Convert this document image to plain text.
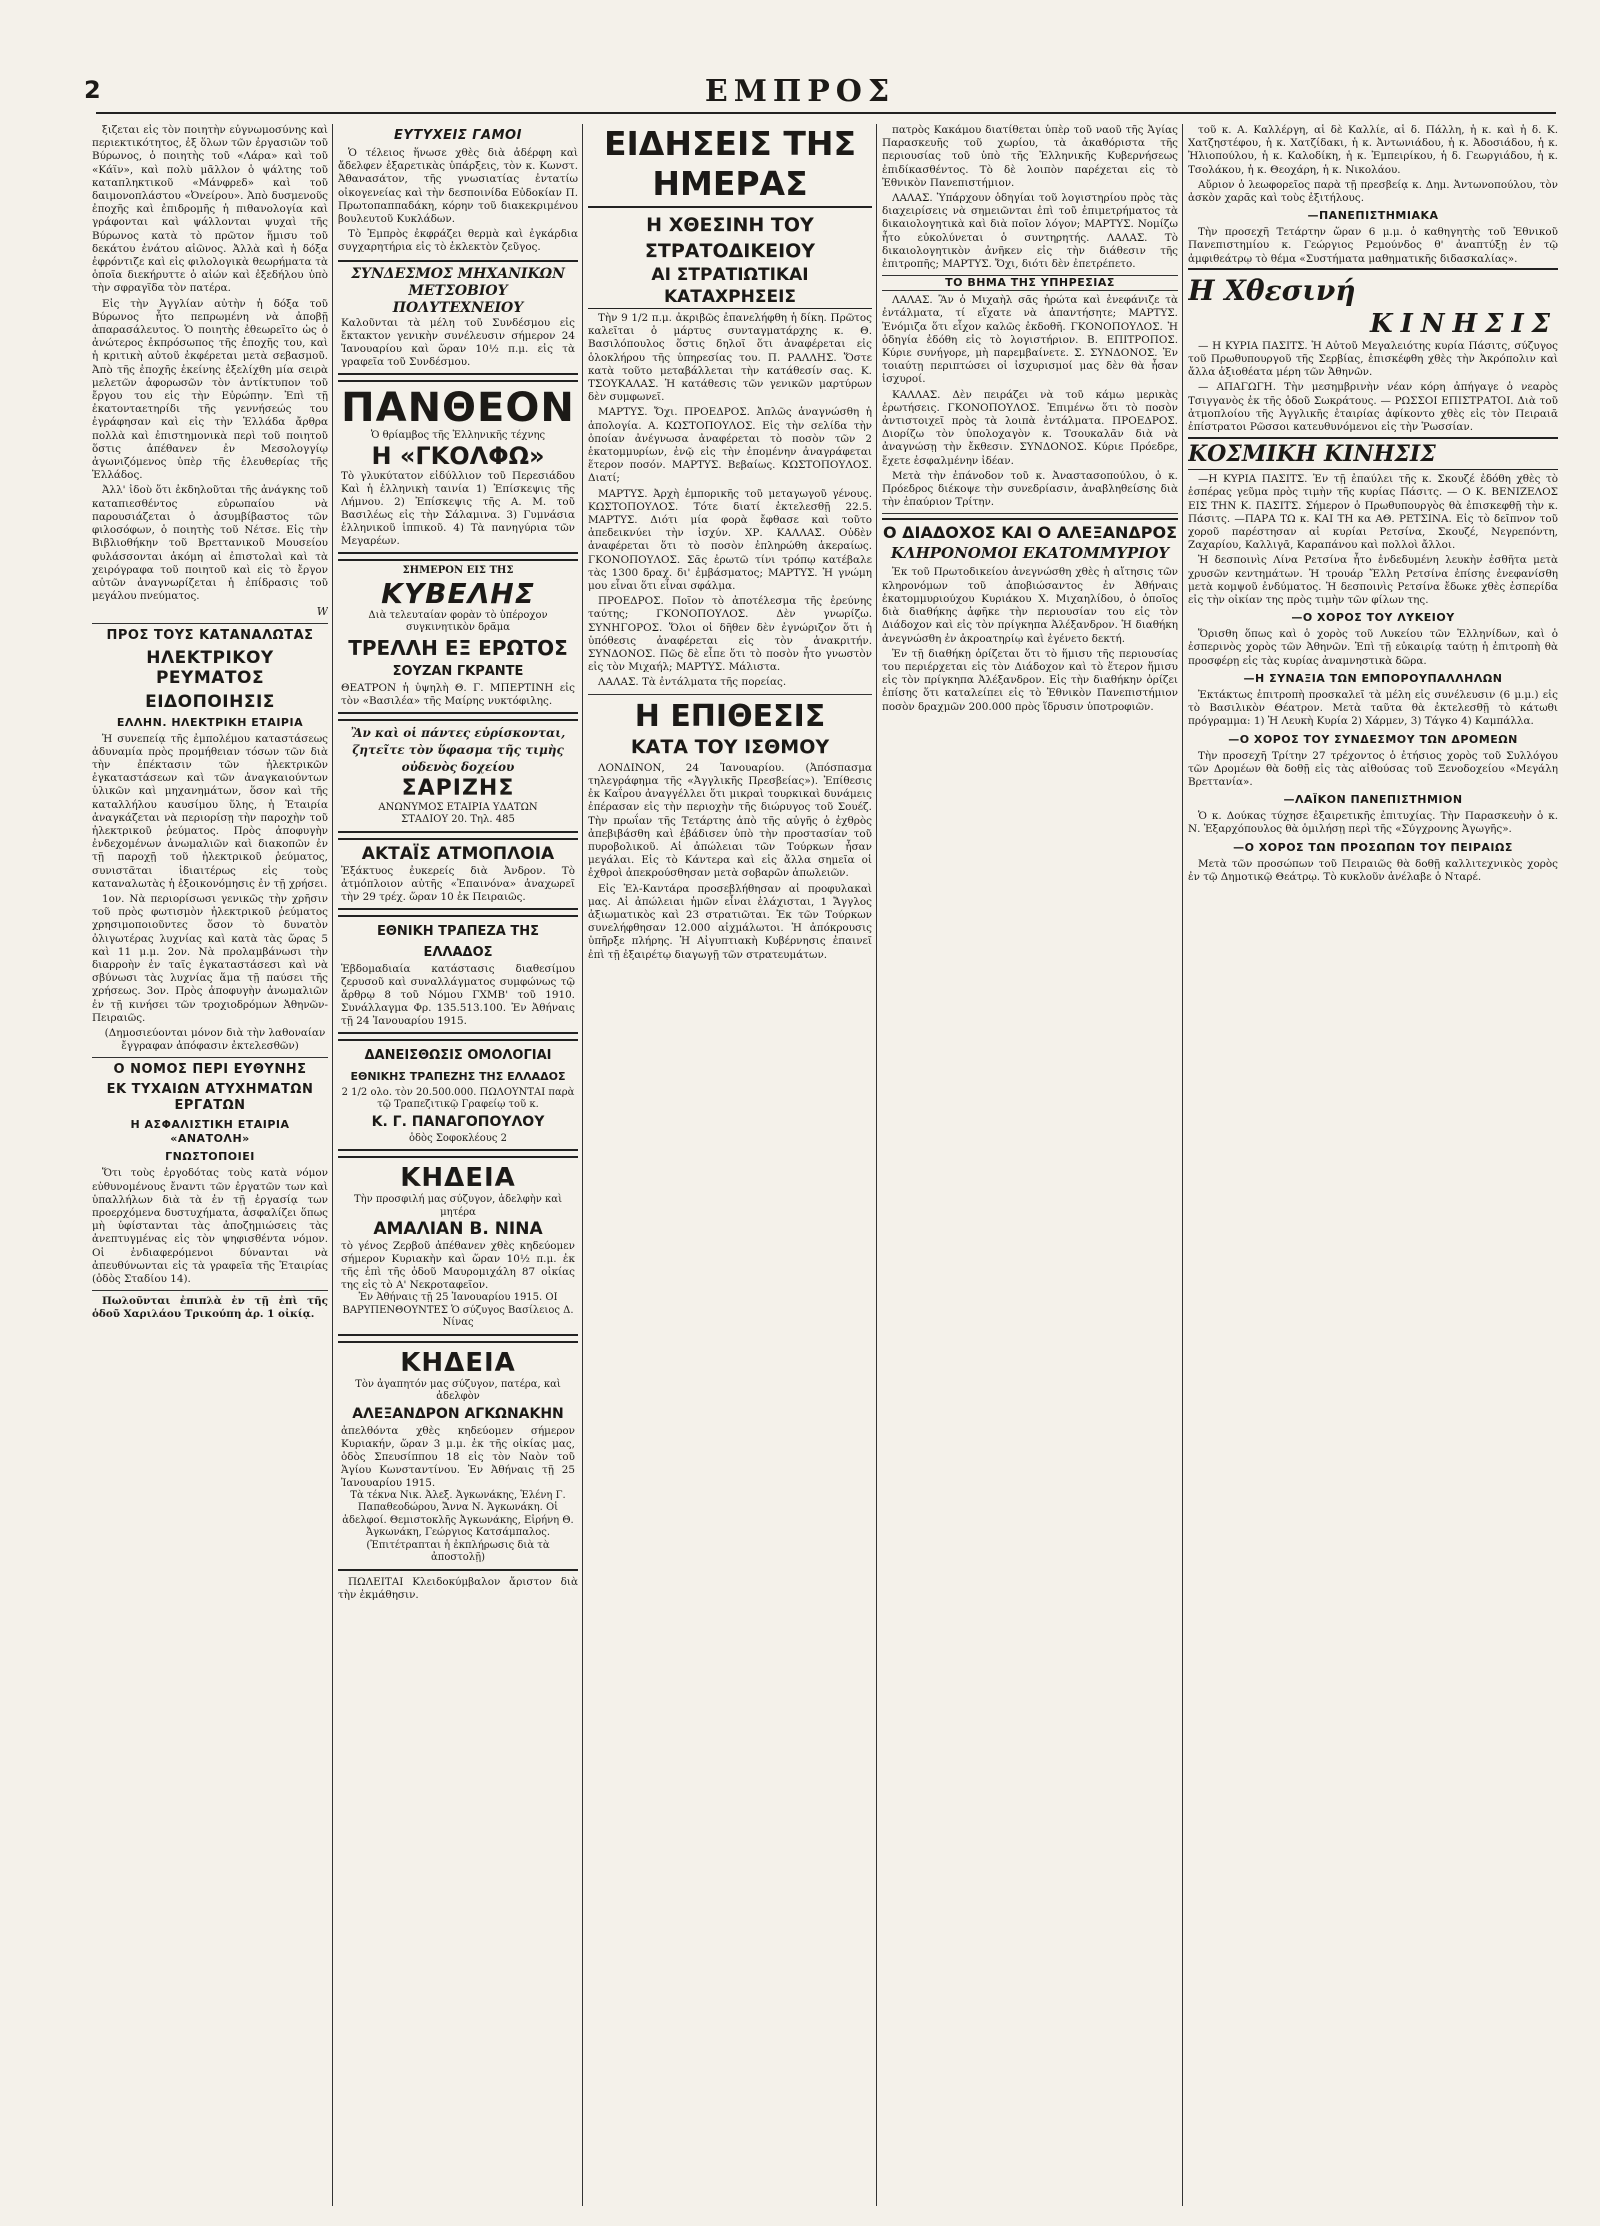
2	ΕΜΠΡΟΣ

ξιζεται εἰς τὸν ποιητὴν εὐγνωμοσύνης καὶ περιεκτικότητος, ἐξ ὅλων τῶν ἐργασιῶν τοῦ Βύρωνος, ὁ ποιητὴς τοῦ «Λάρα» καὶ τοῦ «Κάϊν», καὶ πολὺ μᾶλλον ὁ ψάλτης τοῦ καταπληκτικοῦ «Μάνφρεδ» καὶ τοῦ δαιμονοπλάστου «Ὀνείρου». Ἀπὸ δυσμενοῦς ἐποχῆς καὶ ἐπιδρομῆς ἡ πιθανολογία καὶ γράφονται καὶ ψάλλονται ψυχαὶ τῆς Βύρωνος κατὰ τὸ πρῶτον ἥμισυ τοῦ δεκάτου ἐνάτου αἰῶνος. Ἀλλὰ καὶ ἡ δόξα ἐφρόντιζε καὶ εἰς φιλολογικὰ θεωρήματα τὰ ὁποῖα διεκήρυττε ὁ αἰών καὶ ἐξεδήλου ὑπὸ τὴν σφραγῖδα τὸν πατέρα.

Εἰς τὴν Ἀγγλίαν αὐτὴν ἡ δόξα τοῦ Βύρωνος ἦτο πεπρωμένη νὰ ἀποβῇ ἀπαρασάλευτος. Ὁ ποιητὴς ἐθεωρεῖτο ὡς ὁ ἀνώτερος ἐκπρόσωπος τῆς ἐποχῆς του, καὶ ἡ κριτικὴ αὐτοῦ ἐκφέρεται μετὰ σεβασμοῦ. Ἀπὸ τῆς ἐποχῆς ἐκείνης ἐξελίχθη μία σειρὰ μελετῶν ἀφορωσῶν τὸν ἀντίκτυπον τοῦ ἔργου του εἰς τὴν Εὐρώπην. Ἐπὶ τῇ ἐκατονταετηρίδι τῆς γεννήσεώς του ἐγράφησαν καὶ εἰς τὴν Ἑλλάδα ἄρθρα πολλὰ καὶ ἐπιστημονικὰ περὶ τοῦ ποιητοῦ ὅστις ἀπέθανεν ἐν Μεσολογγίῳ ἀγωνιζόμενος ὑπὲρ τῆς ἐλευθερίας τῆς Ἑλλάδος.

Ἀλλ' ἰδοὺ ὅτι ἐκδηλοῦται τῆς ἀνάγκης τοῦ καταπιεσθέντος εὐρωπαίου νὰ παρουσιάζεται ὁ ἀσυμβίβαστος τῶν φιλοσόφων, ὁ ποιητὴς τοῦ Νέτσε. Εἰς τὴν Βιβλιοθήκην τοῦ Βρεττανικοῦ Μουσείου φυλάσσονται ἀκόμη αἱ ἐπιστολαὶ καὶ τὰ χειρόγραφα τοῦ ποιητοῦ καὶ εἰς τὸ ἔργον αὐτῶν ἀναγνωρίζεται ἡ ἐπίδρασις τοῦ μεγάλου πνεύματος.

W
ΠΡΟΣ ΤΟΥΣ ΚΑΤΑΝΑΛΩΤΑΣ
ΗΛΕΚΤΡΙΚΟΥ ΡΕΥΜΑΤΟΣ
ΕΙΔΟΠΟΙΗΣΙΣ
ΕΛΛΗΝ. ΗΛΕΚΤΡΙΚΗ ΕΤΑΙΡΙΑ

Ἡ συνεπείᾳ τῆς ἐμπολέμου καταστάσεως ἀδυναμία πρὸς προμήθειαν τόσων τῶν διὰ τὴν ἐπέκτασιν τῶν ἠλεκτρικῶν ἐγκαταστάσεων καὶ τῶν ἀναγκαιούντων ὑλικῶν καὶ μηχανημάτων, ὅσον καὶ τῆς καταλλήλου καυσίμου ὕλης, ἡ Ἑταιρία ἀναγκάζεται νὰ περιορίσῃ τὴν παροχὴν τοῦ ἠλεκτρικοῦ ῥεύματος. Πρὸς ἀποφυγὴν ἐνδεχομένων ἀνωμαλιῶν καὶ διακοπῶν ἐν τῇ παροχῇ τοῦ ἠλεκτρικοῦ ῥεύματος, συνιστᾶται ἰδιαιτέρως εἰς τοὺς καταναλωτὰς ἡ ἐξοικονόμησις ἐν τῇ χρήσει.

1ον. Νὰ περιορίσωσι γενικῶς τὴν χρῆσιν τοῦ πρὸς φωτισμὸν ἠλεκτρικοῦ ῥεύματος χρησιμοποιοῦντες ὅσον τὸ δυνατὸν ὀλιγωτέρας λυχνίας καὶ κατὰ τὰς ὥρας 5 καὶ 11 μ.μ. 2ον. Νὰ προλαμβάνωσι τὴν διαρροὴν ἐν ταῖς ἐγκαταστάσεσι καὶ νὰ σβύνωσι τὰς λυχνίας ἅμα τῇ παύσει τῆς χρήσεως. 3ον. Πρὸς ἀποφυγὴν ἀνωμαλιῶν ἐν τῇ κινήσει τῶν τροχιοδρόμων Ἀθηνῶν-Πειραιῶς.

(Δημοσιεύονται μόνον διὰ τὴν λαθοναίαν ἔγγραφαν ἀπόφασιν ἐκτελεσθῶν)

Ο ΝΟΜΟΣ ΠΕΡΙ ΕΥΘΥΝΗΣ
ΕΚ ΤΥΧΑΙΩΝ ΑΤΥΧΗΜΑΤΩΝ ΕΡΓΑΤΩΝ
Η ΑΣΦΑΛΙΣΤΙΚΗ ΕΤΑΙΡΙΑ «ΑΝΑΤΟΛΗ»
ΓΝΩΣΤΟΠΟΙΕΙ

Ὅτι τοὺς ἐργοδότας τοὺς κατὰ νόμον εὐθυνομένους ἔναντι τῶν ἐργατῶν των καὶ ὑπαλλήλων διὰ τὰ ἐν τῇ ἐργασίᾳ των προερχόμενα δυστυχήματα, ἀσφαλίζει ὅπως μὴ ὑφίστανται τὰς ἀποζημιώσεις τὰς ἀνεπτυγμένας εἰς τὸν ψηφισθέντα νόμον. Οἱ ἐνδιαφερόμενοι δύνανται νὰ ἀπευθύνωνται εἰς τὰ γραφεῖα τῆς Ἑταιρίας (ὁδὸς Σταδίου 14).

Πωλοῦνται ἐπιπλὰ ἐν τῇ ἐπὶ τῆς ὁδοῦ Χαριλάου Τρικούπη ἀρ. 1 οἰκίᾳ.

ΕΥΤΥΧΕΙΣ ΓΑΜΟΙ

Ὁ τέλειος ἥνωσε χθὲς διὰ ἀδέρφη καὶ ἄδελφεν ἐξαρετικὰς ὑπάρξεις, τὸν κ. Κωνστ. Ἀθανασάτον, τῆς γνωσιατίας ἐντατίω οἰκογενείας καὶ τὴν δεσποινίδα Εὐδοκίαν Π. Πρωτοπαππαδάκη, κόρην τοῦ διακεκριμένου βουλευτοῦ Κυκλάδων.

Τὸ Ἐμπρὸς ἐκφράζει θερμὰ καὶ ἐγκάρδια συγχαρητήρια εἰς τὸ ἐκλεκτὸν ζεῦγος.

ΣΥΝΔΕΣΜΟΣ ΜΗΧΑΝΙΚΩΝ
ΜΕΤΣΟΒΙΟΥ ΠΟΛΥΤΕΧΝΕΙΟΥ
Καλοῦνται τὰ μέλη τοῦ Συνδέσμου εἰς ἔκτακτον γενικὴν συνέλευσιν σήμερον 24 Ἰανουαρίου καὶ ὥραν 10½ π.μ. εἰς τὰ γραφεῖα τοῦ Συνδέσμου.
ΠΑΝΘΕΟΝ
Ὁ θρίαμβος τῆς Ἑλληνικῆς τέχνης
Η «ΓΚΟΛΦΩ»
Τὸ γλυκύτατον εἰδύλλιον τοῦ Περεσιάδου Καὶ ἡ ἐλληνικὴ ταινία 1) Ἐπίσκεψις τῆς Λήμνου. 2) Ἐπίσκεψις τῆς Α. Μ. τοῦ Βασιλέως εἰς τὴν Σάλαμινα. 3) Γυμνάσια ἑλληνικοῦ ἱππικοῦ. 4) Τὰ πανηγύρια τῶν Μεγαρέων.
ΣΗΜΕΡΟΝ ΕΙΣ ΤΗΣ
ΚΥΒΕΛΗΣ
Διὰ τελευταίαν φορὰν τὸ ὑπέροχον συγκινητικὸν δρᾶμα
ΤΡΕΛΛΗ ΕΞ ΕΡΩΤΟΣ
ΣΟΥΖΑΝ ΓΚΡΑΝΤΕ
ΘΕΑΤΡΟΝ ἡ ὑψηλὴ Θ. Γ. ΜΠΕΡΤΙΝΗ εἰς τὸν «Βασιλέα» τῆς Μαίρης νυκτόφιλης.
Ἂν καὶ οἱ πάντες εὑρίσκονται, ζητεῖτε τὸν ὕφασμα τῆς τιμὴς οὐδενὸς δοχείου
ΣΑΡΙΖΗΣ
ΑΝΩΝΥΜΟΣ ΕΤΑΙΡΙΑ ΥΔΑΤΩΝ
ΣΤΑΔΙΟΥ 20. Τηλ. 485
ΑΚΤΑΪΣ ΑΤΜΟΠΛΟΙΑ
Ἐξάκτυος ἐυκερείς διὰ Ἀνδρον. Τὸ ἀτμόπλοιον αὐτῆς «Ἐπαινόνα» ἀναχωρεῖ τὴν 29 τρέχ. ὥραν 10 ἐκ Πειραιῶς.
ΕΘΝΙΚΗ ΤΡΑΠΕΖΑ ΤΗΣ ΕΛΛΑΔΟΣ
Ἑβδομαδιαία κατάστασις διαθεσίμου ζερυσοῦ καὶ συναλλάγματος συμφώνως τῷ ἄρθρῳ 8 τοῦ Νόμου ΓΧΜΒ' τοῦ 1910. Συνάλλαγμα Φρ. 135.513.100. Ἐν Ἀθήναις τῇ 24 Ἰανουαρίου 1915.
ΔΑΝΕΙΣΘΩΣΙΣ ΟΜΟΛΟΓΙΑΙ
ΕΘΝΙΚΗΣ ΤΡΑΠΕΖΗΣ ΤΗΣ ΕΛΛΑΔΟΣ
2 1/2 ολο. τὸν 20.500.000. ΠΩΛΟΥΝΤΑΙ παρὰ τῷ Τραπεζιτικῷ Γραφείῳ τοῦ κ.
Κ. Γ. ΠΑΝΑΓΟΠΟΥΛΟΥ
ὁδὸς Σοφοκλέους 2
ΚΗΔΕΙΑ
Τὴν προσφιλή μας σύζυγον, ἀδελφὴν καὶ μητέρα
ΑΜΑΛΙΑΝ Β. ΝΙΝΑ
τὸ γένος Ζερβοῦ ἀπέθανεν χθὲς κηδεύομεν σήμερον Κυριακὴν καὶ ὥραν 10½ π.μ. ἐκ τῆς ἐπὶ τῆς ὁδοῦ Μαυρομιχάλη 87 οἰκίας της εἰς τὸ Α' Νεκροταφεῖον.
Ἐν Ἀθήναις τῇ 25 Ἰανουαρίου 1915. ΟΙ ΒΑΡΥΠΕΝΘΟΥΝΤΕΣ Ὁ σύζυγος Βασίλειος Δ. Νίνας
ΚΗΔΕΙΑ
Τὸν ἀγαπητόν μας σύζυγον, πατέρα, καὶ ἀδελφὸν
ΑΛΕΞΑΝΔΡΟΝ ΑΓΚΩΝΑΚΗΝ
ἀπελθόντα χθὲς κηδεύομεν σήμερον Κυριακήν, ὥραν 3 μ.μ. ἐκ τῆς οἰκίας μας, ὁδὸς Σπευσίππου 18 εἰς τὸν Ναὸν τοῦ Ἁγίου Κωνσταντίνου. Ἐν Ἀθήναις τῇ 25 Ἰανουαρίου 1915.
Τὰ τέκνα Νικ. Ἀλεξ. Ἀγκωνάκης, Ἑλένη Γ. Παπαθεοδώρου, Ἄννα Ν. Ἀγκωνάκη. Οἱ ἀδελφοί. Θεμιστοκλῆς Ἀγκωνάκης, Εἰρήνη Θ. Ἀγκωνάκη, Γεώργιος Κατσάμπαλος.
(Ἐπιτέτραπται ἡ ἐκπλήρωσις διὰ τὰ ἀποστολῇ)

ΠΩΛΕΙΤΑΙ Κλειδοκύμβαλον ἄριστον διὰ τὴν ἐκμάθησιν.

ΕΙΔΗΣΕΙΣ ΤΗΣ ΗΜΕΡΑΣ
Η ΧΘΕΣΙΝΗ ΤΟΥ ΣΤΡΑΤΟΔΙΚΕΙΟΥ
ΑΙ ΣΤΡΑΤΙΩΤΙΚΑΙ ΚΑΤΑΧΡΗΣΕΙΣ

Τὴν 9 1/2 π.μ. ἀκριβῶς ἐπανελήφθη ἡ δίκη. Πρῶτος καλεῖται ὁ μάρτυς συνταγματάρχης κ. Θ. Βασιλόπουλος ὅστις δηλοῖ ὅτι ἀναφέρεται εἰς ὁλοκλήρου τῆς ὑπηρεσίας του. Π. ΡΑΛΛΗΣ. Ὅστε κατὰ τοῦτο μεταβάλλεται τὴν κατάθεσίν σας. Κ. ΤΣΟΥΚΑΛΑΣ. Ἡ κατάθεσις τῶν γενικῶν μαρτύρων δὲν συμφωνεῖ.

ΜΑΡΤΥΣ. Ὄχι. ΠΡΟΕΔΡΟΣ. Ἀπλῶς ἀναγνώσθη ἡ ἀπολογία. Α. ΚΩΣΤΟΠΟΥΛΟΣ. Εἰς τὴν σελίδα τὴν ὁποίαν ἀνέγνωσα ἀναφέρεται τὸ ποσὸν τῶν 2 ἑκατομμυρίων, ἐνῷ εἰς τὴν ἐπομένην ἀναγράφεται ἕτερον ποσόν. ΜΑΡΤΥΣ. Βεβαίως. ΚΩΣΤΟΠΟΥΛΟΣ. Διατί;

ΜΑΡΤΥΣ. Ἀρχὴ ἐμπορικῆς τοῦ μεταγωγοῦ γένους. ΚΩΣΤΟΠΟΥΛΟΣ. Τότε διατί ἐκτελεσθῇ 22.5. ΜΑΡΤΥΣ. Διότι μία φορὰ ἔφθασε καὶ τοῦτο ἀπεδεικνύει τὴν ἰσχύν. ΧΡ. ΚΑΛΛΑΣ. Οὐδὲν ἀναφέρεται ὅτι τὸ ποσὸν ἐπληρώθη ἀκεραίως. ΓΚΟΝΟΠΟΥΛΟΣ. Σᾶς ἐρωτῶ τίνι τρόπῳ κατέβαλε τὰς 1300 δραχ. δι' ἐμβάσματος; ΜΑΡΤΥΣ. Ἡ γνώμη μου εἶναι ὅτι εἶναι σφάλμα.

ΠΡΟΕΔΡΟΣ. Ποῖον τὸ ἀποτέλεσμα τῆς ἐρεύνης ταύτης; ΓΚΟΝΟΠΟΥΛΟΣ. Δὲν γνωρίζω. ΣΥΝΗΓΟΡΟΣ. Ὅλοι οἱ δῆθεν δὲν ἐγνώριζον ὅτι ἡ ὑπόθεσις ἀναφέρεται εἰς τὸν ἀνακριτήν. ΣΥΝΔΟΝΟΣ. Πῶς δὲ εἶπε ὅτι τὸ ποσὸν ἦτο γνωστὸν εἰς τὸν Μιχαήλ; ΜΑΡΤΥΣ. Μάλιστα.

ΛΑΛΑΣ. Τὰ ἐντάλματα τῆς πορείας.

Η ΕΠΙΘΕΣΙΣ
ΚΑΤΑ ΤΟΥ ΙΣΘΜΟΥ

ΛΟΝΔΙΝΟΝ, 24 Ἰανουαρίου. (Ἀπόσπασμα τηλεγράφημα τῆς «Ἀγγλικῆς Πρεσβείας»). Ἐπίθεσις ἐκ Καΐρου ἀναγγέλλει ὅτι μικραὶ τουρκικαὶ δυνάμεις ἐπέρασαν εἰς τὴν περιοχὴν τῆς διώρυγος τοῦ Σουέζ. Τὴν πρωΐαν τῆς Τετάρτης ἀπὸ τῆς αὐγῆς ὁ ἐχθρὸς ἀπεβιβάσθη καὶ ἐβάδισεν ὑπὸ τὴν προστασίαν τοῦ πυροβολικοῦ. Αἱ ἀπώλειαι τῶν Τούρκων ἦσαν μεγάλαι. Εἰς τὸ Κάντερα καὶ εἰς ἄλλα σημεῖα οἱ ἐχθροὶ ἀπεκρούσθησαν μετὰ σοβαρῶν ἀπωλειῶν.

Εἰς Ἐλ-Καντάρα προσεβλήθησαν αἱ προφυλακαὶ μας. Αἱ ἀπώλειαι ἡμῶν εἶναι ἐλάχισται, 1 Ἄγγλος ἀξιωματικὸς καὶ 23 στρατιῶται. Ἐκ τῶν Τούρκων συνελήφθησαν 12.000 αἰχμάλωτοι. Ἡ ἀπόκρουσις ὑπῆρξε πλήρης. Ἡ Αἰγυπτιακὴ Κυβέρνησις ἐπαινεῖ ἐπὶ τῇ ἐξαιρέτῳ διαγωγῇ τῶν στρατευμάτων.

πατρὸς Κακάμου διατίθεται ὑπὲρ τοῦ ναοῦ τῆς Ἁγίας Παρασκευῆς τοῦ χωρίου, τὰ ἀκαθόριστα τῆς περιουσίας τοῦ ὑπὸ τῆς Ἑλληνικῆς Κυβερνήσεως ἐπιδίκασθέντος. Τὸ δὲ λοιπὸν παρέχεται εἰς τὸ Ἐθνικὸν Πανεπιστήμιον.

ΛΑΛΑΣ. Ὑπάρχουν ὁδηγίαι τοῦ λογιστηρίου πρὸς τὰς διαχειρίσεις νὰ σημειῶνται ἐπὶ τοῦ ἐπιμετρήματος τὰ δικαιολογητικὰ καὶ διὰ ποῖον λόγον; ΜΑΡΤΥΣ. Νομίζω ἦτο εὐκολύνεται ὁ συντηρητής. ΛΑΛΑΣ. Τὸ δικαιολογητικὸν ἀνῆκεν εἰς τὴν διάθεσιν τῆς ἐπιτροπῆς; ΜΑΡΤΥΣ. Ὄχι, διότι δὲν ἐπετρέπετο.

ΤΟ ΒΗΜΑ ΤΗΣ ΥΠΗΡΕΣΙΑΣ

ΛΑΛΑΣ. Ἂν ὁ Μιχαὴλ σᾶς ἠρώτα καὶ ἐνεφάνιζε τὰ ἐντάλματα, τί εἴχατε νὰ ἀπαντήσητε; ΜΑΡΤΥΣ. Ἐνόμιζα ὅτι εἶχον καλῶς ἐκδοθῆ. ΓΚΟΝΟΠΟΥΛΟΣ. Ἡ ὁδηγία ἐδόθη εἰς τὸ λογιστήριον. Β. ΕΠΙΤΡΟΠΟΣ. Κύριε συνήγορε, μὴ παρεμβαίνετε. Σ. ΣΥΝΔΟΝΟΣ. Ἐν τοιαύτῃ περιπτώσει οἱ ἰσχυρισμοί μας δὲν θὰ ἦσαν ἰσχυροί.

ΚΑΛΛΑΣ. Δὲν πειράζει νὰ τοῦ κάμω μερικὰς ἐρωτήσεις. ΓΚΟΝΟΠΟΥΛΟΣ. Ἐπιμένω ὅτι τὸ ποσὸν ἀντιστοιχεῖ πρὸς τὰ λοιπὰ ἐντάλματα. ΠΡΟΕΔΡΟΣ. Διορίζω τὸν ὑπολοχαγὸν κ. Τσουκαλᾶν διὰ νὰ ἀναγνώσῃ τὴν ἔκθεσιν. ΣΥΝΔΟΝΟΣ. Κύριε Πρόεδρε, ἔχετε ἐσφαλμένην ἰδέαν.

Μετὰ τὴν ἐπάνοδον τοῦ κ. Ἀναστασοπούλου, ὁ κ. Πρόεδρος διέκοψε τὴν συνεδρίασιν, ἀναβληθείσης διὰ τὴν ἐπαύριον Τρίτην.

Ο ΔΙΑΔΟΧΟΣ ΚΑΙ Ο ΑΛΕΞΑΝΔΡΟΣ
ΚΛΗΡΟΝΟΜΟΙ ΕΚΑΤΟΜΜΥΡΙΟΥ

Ἐκ τοῦ Πρωτοδικείου ἀνεγνώσθη χθὲς ἡ αἴτησις τῶν κληρονόμων τοῦ ἀποβιώσαντος ἐν Ἀθήναις ἑκατομμυριούχου Κυριάκου Χ. Μιχαηλίδου, ὁ ὁποῖος διὰ διαθήκης ἀφῆκε τὴν περιουσίαν του εἰς τὸν Διάδοχον καὶ εἰς τὸν πρίγκηπα Ἀλέξανδρον. Ἡ διαθήκη ἀνεγνώσθη ἐν ἀκροατηρίῳ καὶ ἐγένετο δεκτή.

Ἐν τῇ διαθήκῃ ὁρίζεται ὅτι τὸ ἥμισυ τῆς περιουσίας του περιέρχεται εἰς τὸν Διάδοχον καὶ τὸ ἕτερον ἥμισυ εἰς τὸν πρίγκηπα Ἀλέξανδρον. Εἰς τὴν διαθήκην ὁρίζει ἐπίσης ὅτι καταλείπει εἰς τὸ Ἐθνικὸν Πανεπιστήμιον ποσὸν δραχμῶν 200.000 πρὸς ἵδρυσιν ὑποτροφιῶν.

τοῦ κ. Α. Καλλέργη, αἱ δὲ Καλλίε, αἱ δ. Πάλλη, ἡ κ. καὶ ἡ δ. Κ. Χατζηστέφου, ἡ κ. Χατζίδακι, ἡ κ. Ἀντωνιάδου, ἡ κ. Ἀδοσιάδου, ἡ κ. Ἠλιοπούλου, ἡ κ. Καλοδίκη, ἡ κ. Ἐμπειρίκου, ἡ δ. Γεωργιάδου, ἡ κ. Τσολάκου, ἡ κ. Θεοχάρη, ἡ κ. Νικολάου.

Αὔριον ὁ λεωφορεῖος παρὰ τῇ πρεσβείᾳ κ. Δημ. Ἀντωνοπούλου, τὸν ἀσκὸν χαρᾶς καὶ τοὺς ἐξιτήλους.

—ΠΑΝΕΠΙΣΤΗΜΙΑΚΑ

Τὴν προσεχῆ Τετάρτην ὥραν 6 μ.μ. ὁ καθηγητὴς τοῦ Ἐθνικοῦ Πανεπιστημίου κ. Γεώργιος Ρεμούνδος θ' ἀναπτύξῃ ἐν τῷ ἀμφιθεάτρῳ τὸ θέμα «Συστήματα μαθηματικῆς διδασκαλίας».

Η Χθεσινή
ΚΙΝΗΣΙΣ

— Η ΚΥΡΙΑ ΠΑΣΙΤΣ. Ἡ Αὐτοῦ Μεγαλειότης κυρία Πάσιτς, σύζυγος τοῦ Πρωθυπουργοῦ τῆς Σερβίας, ἐπισκέφθη χθὲς τὴν Ἀκρόπολιν καὶ ἄλλα ἀξιοθέατα μέρη τῶν Ἀθηνῶν.

— ΑΠΑΓΩΓΗ. Τὴν μεσημβρινὴν νέαν κόρη ἀπήγαγε ὁ νεαρὸς Τσιγγανὸς ἐκ τῆς ὁδοῦ Σωκράτους. — ΡΩΣΣΟΙ ΕΠΙΣΤΡΑΤΟΙ. Διὰ τοῦ ἀτμοπλοίου τῆς Ἀγγλικῆς ἑταιρίας ἀφίκοντο χθὲς εἰς τὸν Πειραιᾶ ἐπίστρατοι Ρῶσσοι κατευθυνόμενοι εἰς τὴν Ῥωσσίαν.

ΚΟΣΜΙΚΗ ΚΙΝΗΣΙΣ

—Η ΚΥΡΙΑ ΠΑΣΙΤΣ. Ἐν τῇ ἐπαύλει τῆς κ. Σκουζέ ἐδόθη χθὲς τὸ ἑσπέρας γεῦμα πρὸς τιμὴν τῆς κυρίας Πάσιτς. — Ο Κ. ΒΕΝΙΖΕΛΟΣ ΕΙΣ ΤΗΝ Κ. ΠΑΣΙΤΣ. Σήμερον ὁ Πρωθυπουργὸς θὰ ἐπισκεφθῇ τὴν κ. Πάσιτς. —ΠΑΡΑ ΤΩ κ. ΚΑΙ ΤΗ κα ΑΘ. ΡΕΤΣΙΝΑ. Εἰς τὸ δεῖπνον τοῦ χοροῦ παρέστησαν αἱ κυρίαι Ρετσίνα, Σκουζέ, Νεγρεπόντη, Ζαχαρίου, Καλλιγᾶ, Καραπάνου καὶ πολλοὶ ἄλλοι.

Ἡ δεσποινὶς Λίνα Ρετσίνα ἦτο ἐνδεδυμένη λευκὴν ἐσθῆτα μετὰ χρυσῶν κεντημάτων. Ἡ τρουάρ Ἔλλη Ρετσίνα ἐπίσης ἐνεφανίσθη μετὰ κομψοῦ ἐνδύματος. Ἡ δεσποινὶς Ρετσίνα ἔδωκε χθὲς ἐσπερίδα εἰς τὴν οἰκίαν της πρὸς τιμὴν τῶν φίλων της.

—Ο ΧΟΡΟΣ ΤΟΥ ΛΥΚΕΙΟΥ

Ὅρισθη ὅπως καὶ ὁ χορὸς τοῦ Λυκείου τῶν Ἑλληνίδων, καὶ ὁ ἐσπερινὸς χορὸς τῶν Ἀθηνῶν. Ἐπὶ τῇ εὐκαιρίᾳ ταύτῃ ἡ ἐπιτροπὴ θὰ προσφέρῃ εἰς τὰς κυρίας ἀναμνηστικὰ δῶρα.

—Η ΣΥΝΑΞΙΑ ΤΩΝ ΕΜΠΟΡΟΥΠΑΛΛΗΛΩΝ

Ἐκτάκτως ἐπιτροπὴ προσκαλεῖ τὰ μέλη εἰς συνέλευσιν (6 μ.μ.) εἰς τὸ Βασιλικὸν Θέατρον. Μετὰ ταῦτα θὰ ἐκτελεσθῇ τὸ κάτωθι πρόγραμμα: 1) Ἡ Λευκὴ Κυρία 2) Χάρμεν, 3) Τάγκο 4) Καμπάλλα.

—Ο ΧΟΡΟΣ ΤΟΥ ΣΥΝΔΕΣΜΟΥ ΤΩΝ ΔΡΟΜΕΩΝ

Τὴν προσεχῆ Τρίτην 27 τρέχοντος ὁ ἐτήσιος χορὸς τοῦ Συλλόγου τῶν Δρομέων θὰ δοθῇ εἰς τὰς αἰθούσας τοῦ Ξενοδοχείου «Μεγάλη Βρεττανία».

—ΛΑΪΚΟΝ ΠΑΝΕΠΙΣΤΗΜΙΟΝ

Ὁ κ. Δούκας τύχησε ἐξαιρετικῆς ἐπιτυχίας. Τὴν Παρασκευὴν ὁ κ. Ν. Ἐξαρχόπουλος θὰ ὁμιλήσῃ περὶ τῆς «Σύγχρονης Ἀγωγῆς».

—Ο ΧΟΡΟΣ ΤΩΝ ΠΡΟΣΩΠΩΝ ΤΟΥ ΠΕΙΡΑΙΩΣ

Μετὰ τῶν προσώπων τοῦ Πειραιῶς θὰ δοθῇ καλλιτεχνικὸς χορὸς ἐν τῷ Δημοτικῷ Θεάτρῳ. Τὸ κυκλοῦν ἀνέλαβε ὁ Νταρέ.
